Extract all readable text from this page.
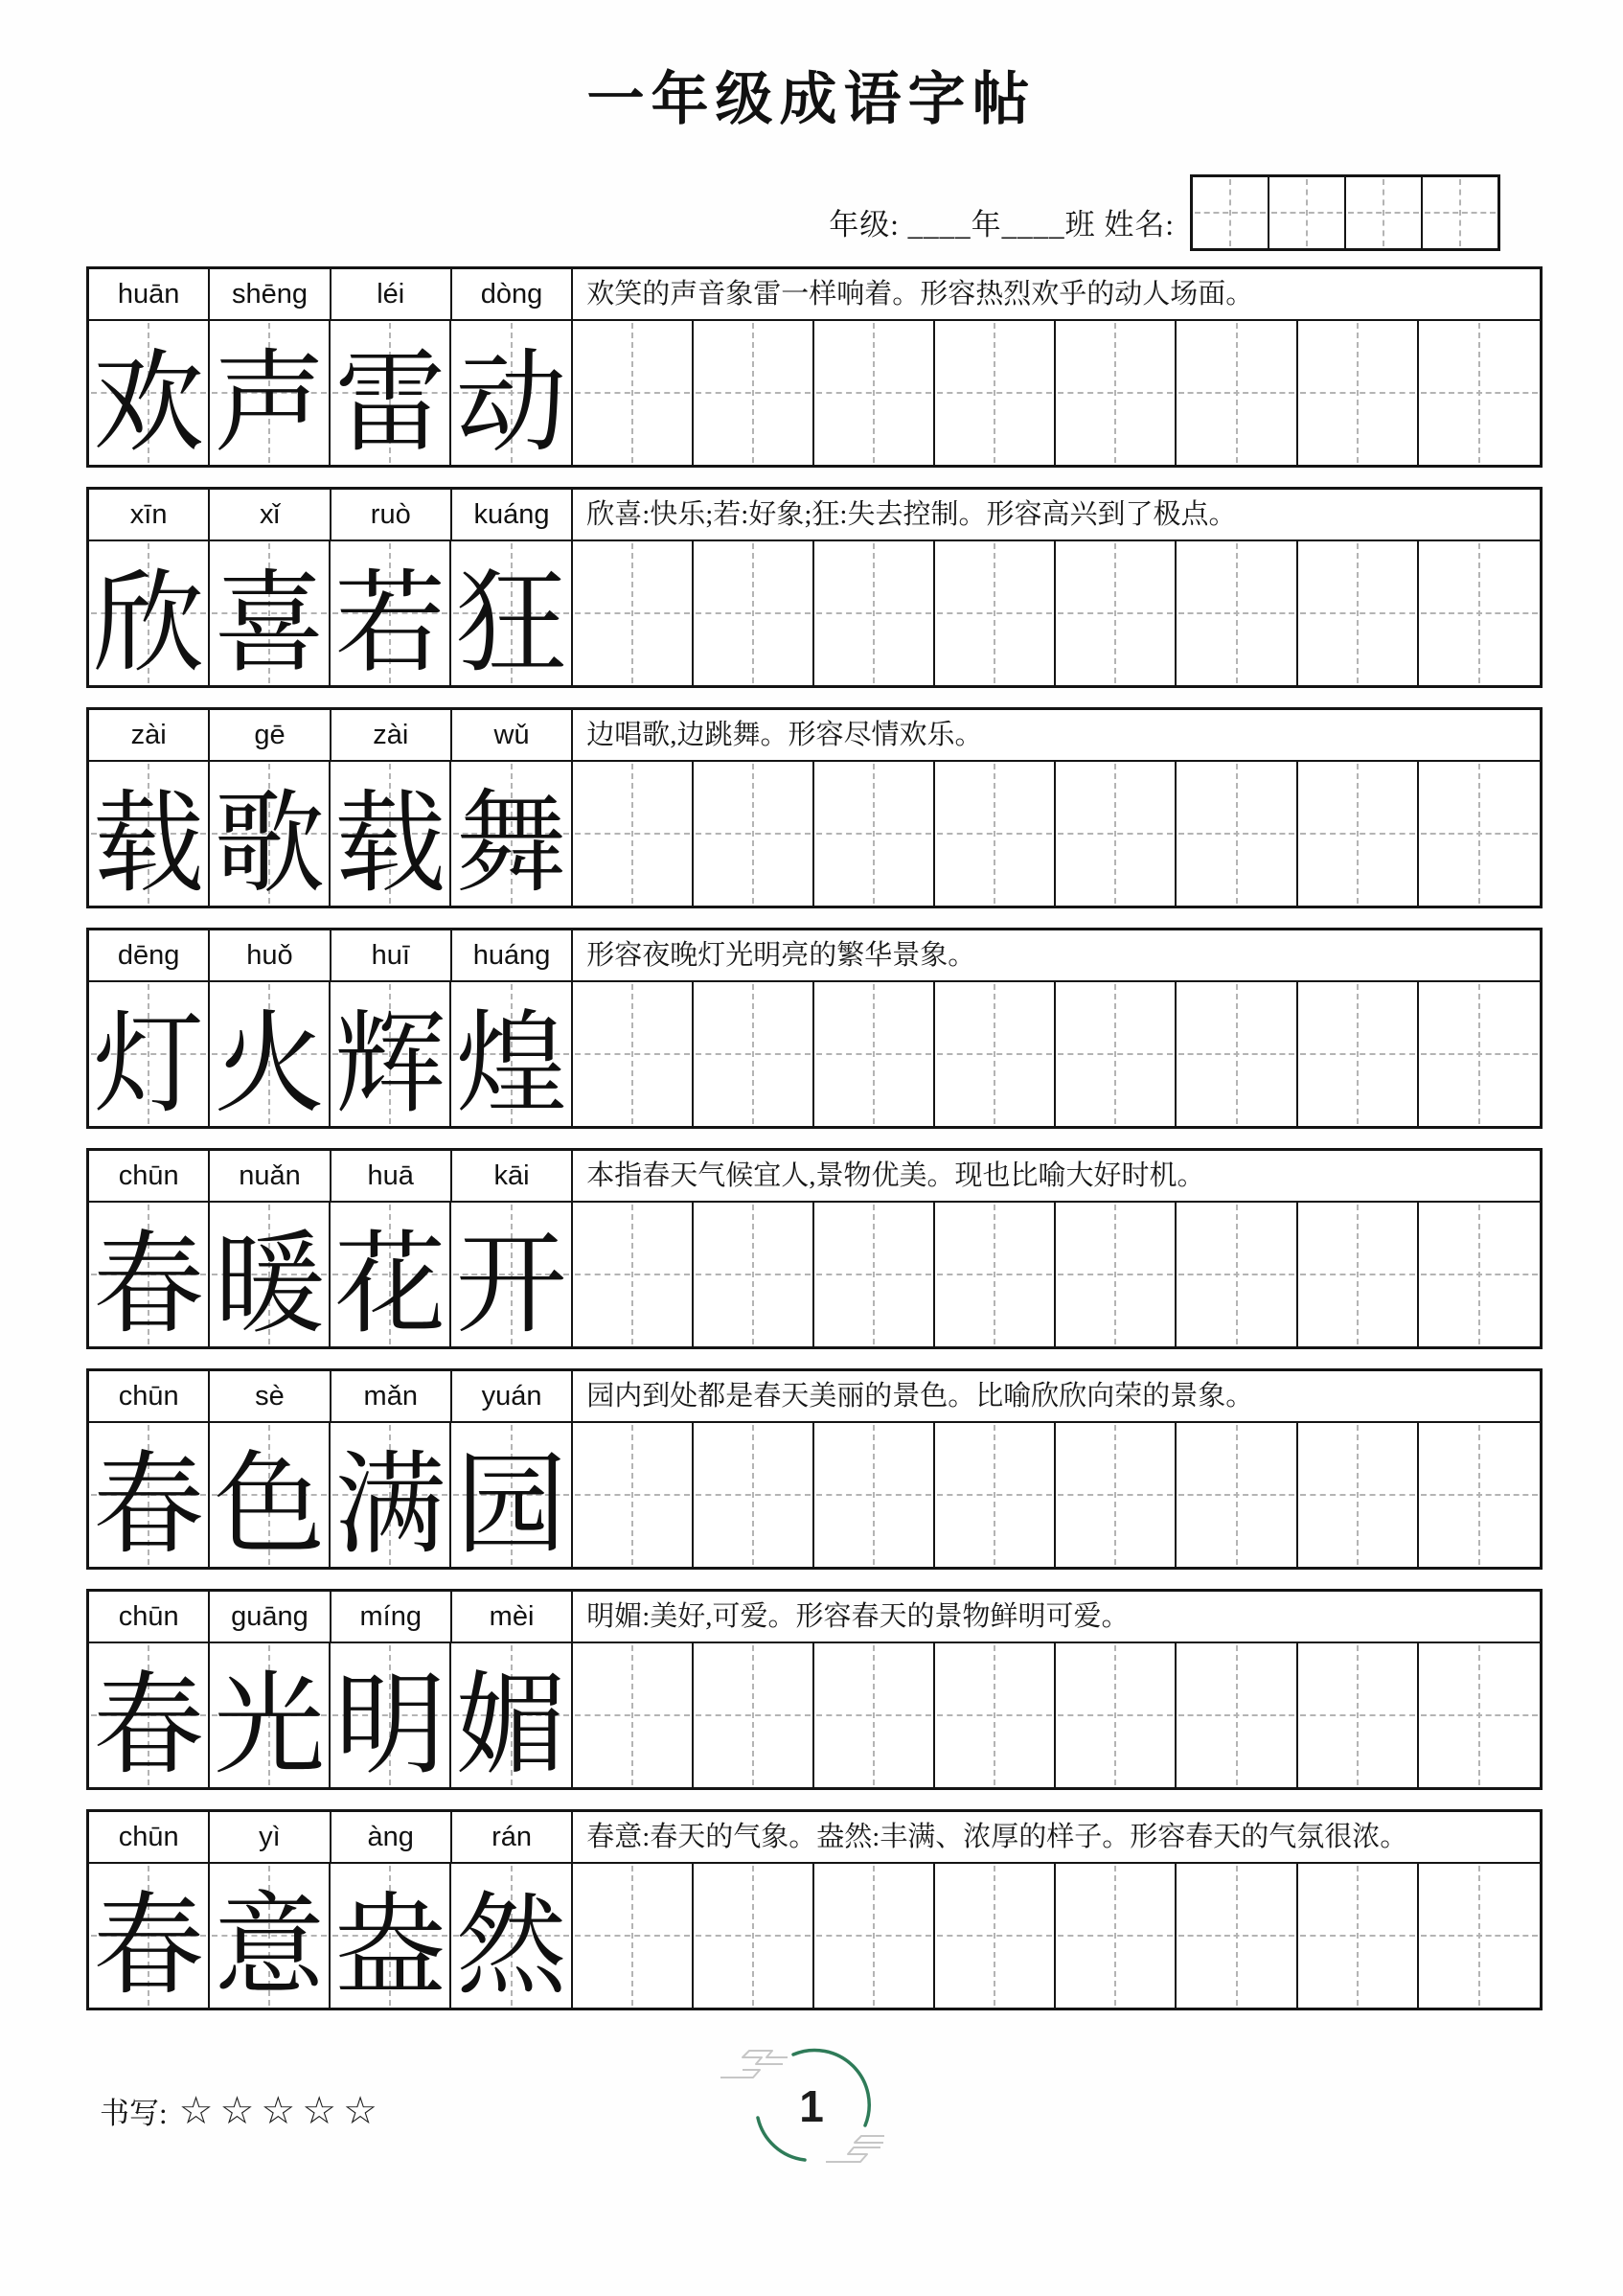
一年级成语字帖
年级: ____年____班 姓名:
huān	shēng	léi	dòng	欢笑的声音象雷一样响着。形容热烈欢乎的动人场面。
欢 声 雷 动
xīn	xǐ	ruò	kuáng	欣喜:快乐;若:好象;狂:失去控制。形容高兴到了极点。
欣 喜 若 狂
zài	gē	zài	wǔ	边唱歌,边跳舞。形容尽情欢乐。
载 歌 载 舞
dēng	huǒ	huī	huáng	形容夜晚灯光明亮的繁华景象。
灯 火 辉 煌
chūn	nuǎn	huā	kāi	本指春天气候宜人,景物优美。现也比喻大好时机。
春 暖 花 开
chūn	sè	mǎn	yuán	园内到处都是春天美丽的景色。比喻欣欣向荣的景象。
春 色 满 园
chūn	guāng	míng	mèi	明媚:美好,可爱。形容春天的景物鲜明可爱。
春 光 明 媚
chūn	yì	àng	rán	春意:春天的气象。盎然:丰满、浓厚的样子。形容春天的气氛很浓。
春 意 盎 然
书写: ☆☆☆☆☆	1
